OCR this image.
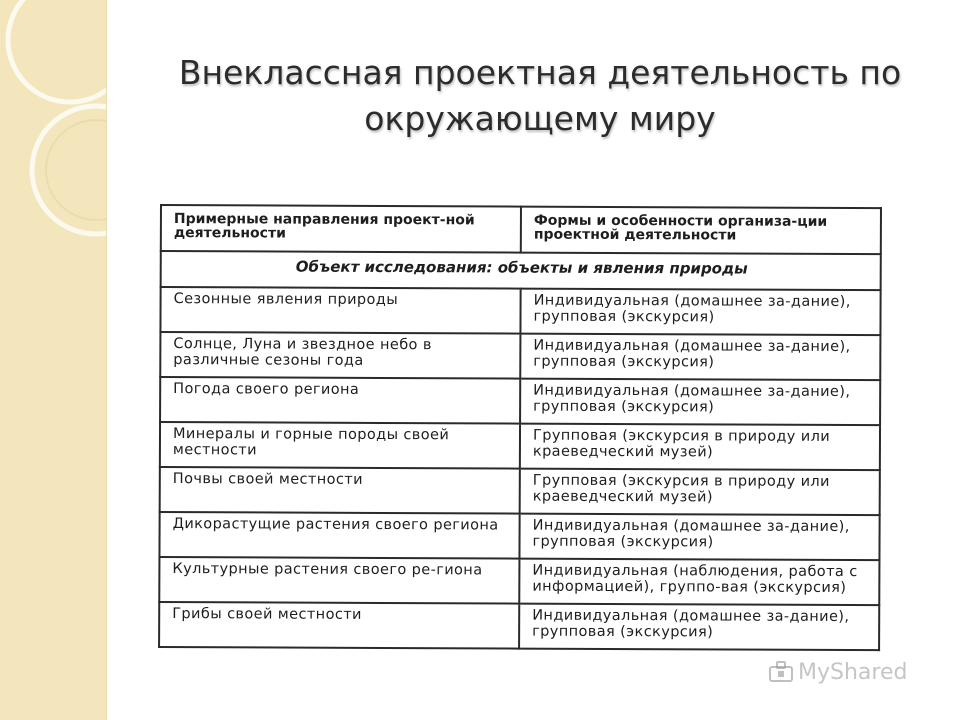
Внеклассная проектная деятельность по
окружающему миру
Примерные направления проект-ной деятельности	Формы и особенности организа-ции проектной деятельности
Объект исследования: объекты и явления природы	
Сезонные явления природы	Индивидуальная (домашнее за-дание), групповая (экскурсия)
Солнце, Луна и звездное небо в различные сезоны года	Индивидуальная (домашнее за-дание), групповая (экскурсия)
Погода своего региона	Индивидуальная (домашнее за-дание), групповая (экскурсия)
Минералы и горные породы своей местности	Групповая (экскурсия в природу или краеведческий музей)
Почвы своей местности	Групповая (экскурсия в природу или краеведческий музей)
Дикорастущие растения своего региона	Индивидуальная (домашнее за-дание), групповая (экскурсия)
Культурные растения своего ре-гиона	Индивидуальная (наблюдения, работа с информацией), группо-вая (экскурсия)
Грибы своей местности	Индивидуальная (домашнее за-дание), групповая (экскурсия)
MyShared
